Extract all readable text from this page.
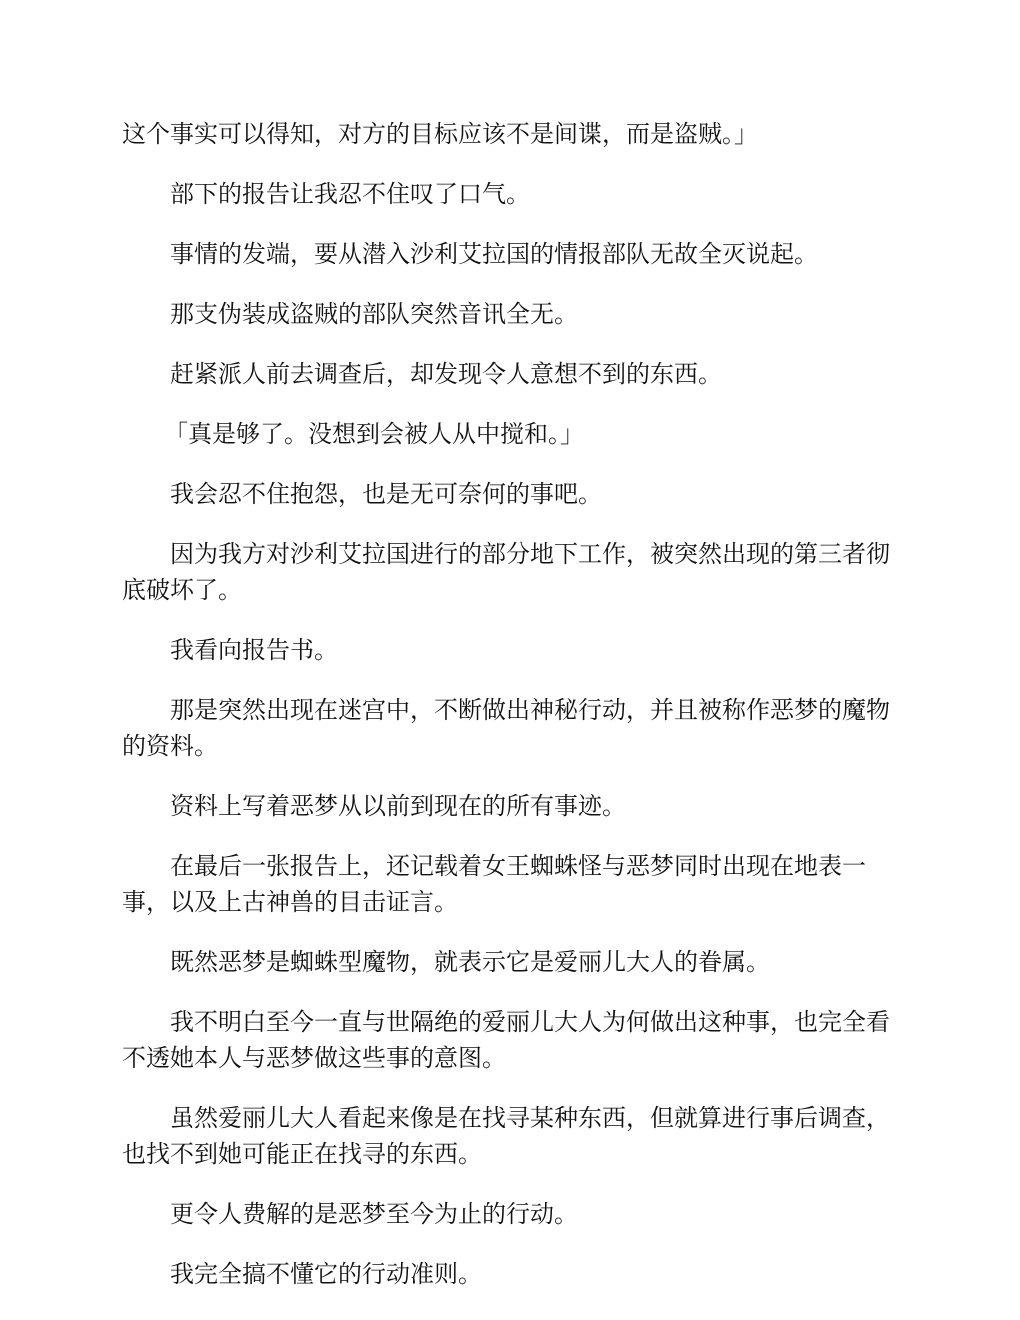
这个事实可以得知，对方的目标应该不是间谍，而是盗贼。」

部下的报告让我忍不住叹了口气。

事情的发端，要从潜入沙利艾拉国的情报部队无故全灭说起。

那支伪装成盗贼的部队突然音讯全无。

赶紧派人前去调查后，却发现令人意想不到的东西。

「真是够了。没想到会被人从中搅和。」

我会忍不住抱怨，也是无可奈何的事吧。

因为我方对沙利艾拉国进行的部分地下工作，被突然出现的第三者彻底破坏了。

我看向报告书。

那是突然出现在迷宫中，不断做出神秘行动，并且被称作恶梦的魔物的资料。

资料上写着恶梦从以前到现在的所有事迹。

在最后一张报告上，还记载着女王蜘蛛怪与恶梦同时出现在地表一事，以及上古神兽的目击证言。

既然恶梦是蜘蛛型魔物，就表示它是爱丽儿大人的眷属。

我不明白至今一直与世隔绝的爱丽儿大人为何做出这种事，也完全看不透她本人与恶梦做这些事的意图。

虽然爱丽儿大人看起来像是在找寻某种东西，但就算进行事后调查，也找不到她可能正在找寻的东西。

更令人费解的是恶梦至今为止的行动。

我完全搞不懂它的行动准则。
